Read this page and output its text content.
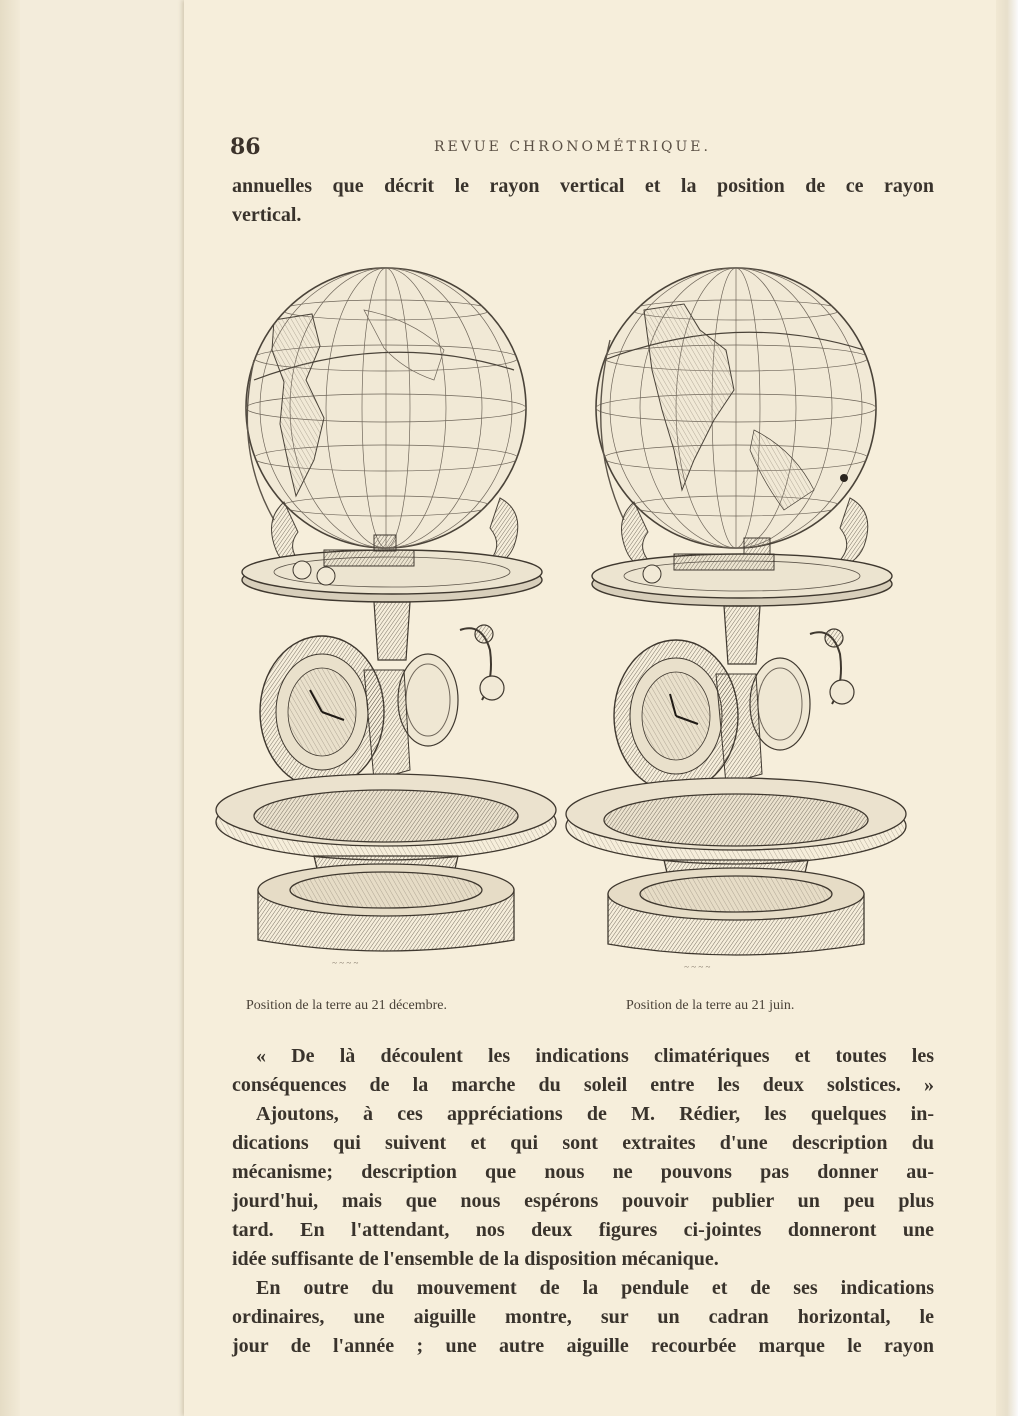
86	REVUE CHRONOMÉTRIQUE.
annuelles que décrit le rayon vertical et la position de ce rayon
vertical.
~ ~ ~ ~	~ ~ ~ ~
Position de la terre au 21 décembre.	Position de la terre au 21 juin.
« De là découlent les indications climatériques et toutes les
conséquences de la marche du soleil entre les deux solstices. »
Ajoutons, à ces appréciations de M. Rédier, les quelques in-
dications qui suivent et qui sont extraites d'une description du
mécanisme; description que nous ne pouvons pas donner au-
jourd'hui, mais que nous espérons pouvoir publier un peu plus
tard. En l'attendant, nos deux figures ci-jointes donneront une
idée suffisante de l'ensemble de la disposition mécanique.
En outre du mouvement de la pendule et de ses indications
ordinaires, une aiguille montre, sur un cadran horizontal, le
jour de l'année ; une autre aiguille recourbée marque le rayon
